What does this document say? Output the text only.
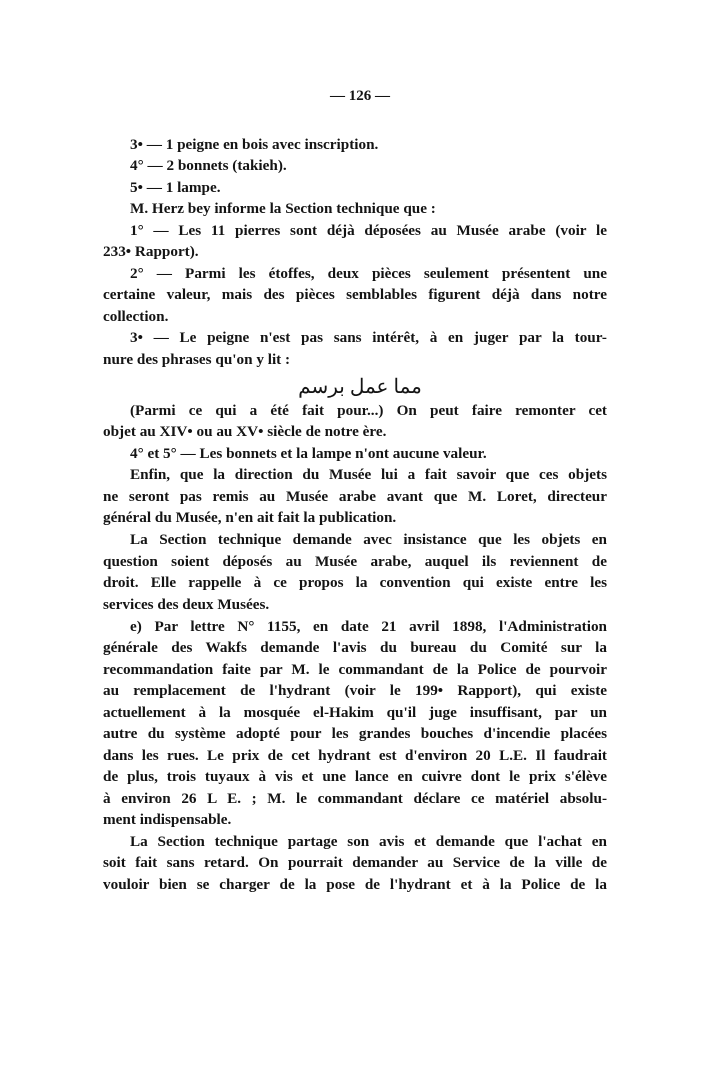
— 126 —
مما عمل برسم
3• — 1 peigne en bois avec inscription.
4° — 2 bonnets (takieh).
5• — 1 lampe.
M. Herz bey informe la Section technique que :
1° — Les 11 pierres sont déjà déposées au Musée arabe (voir le
233• Rapport).
2° — Parmi les étoffes, deux pièces seulement présentent une
certaine valeur, mais des pièces semblables figurent déjà dans notre
collection.
3• — Le peigne n'est pas sans intérêt, à en juger par la tour-
nure des phrases qu'on y lit :
(Parmi ce qui a été fait pour...) On peut faire remonter cet
objet au XIV• ou au XV• siècle de notre ère.
4° et 5° — Les bonnets et la lampe n'ont aucune valeur.
Enfin, que la direction du Musée lui a fait savoir que ces objets
ne seront pas remis au Musée arabe avant que M. Loret, directeur
général du Musée, n'en ait fait la publication.
La Section technique demande avec insistance que les objets en
question soient déposés au Musée arabe, auquel ils reviennent de
droit. Elle rappelle à ce propos la convention qui existe entre les
services des deux Musées.
e) Par lettre N° 1155, en date 21 avril 1898, l'Administration
générale des Wakfs demande l'avis du bureau du Comité sur la
recommandation faite par M. le commandant de la Police de pourvoir
au remplacement de l'hydrant (voir le 199• Rapport), qui existe
actuellement à la mosquée el-Hakim qu'il juge insuffisant, par un
autre du système adopté pour les grandes bouches d'incendie placées
dans les rues. Le prix de cet hydrant est d'environ 20 L.E. Il faudrait
de plus, trois tuyaux à vis et une lance en cuivre dont le prix s'élève
à environ 26 L E. ; M. le commandant déclare ce matériel absolu-
ment indispensable.
La Section technique partage son avis et demande que l'achat en
soit fait sans retard. On pourrait demander au Service de la ville de
vouloir bien se charger de la pose de l'hydrant et à la Police de la
